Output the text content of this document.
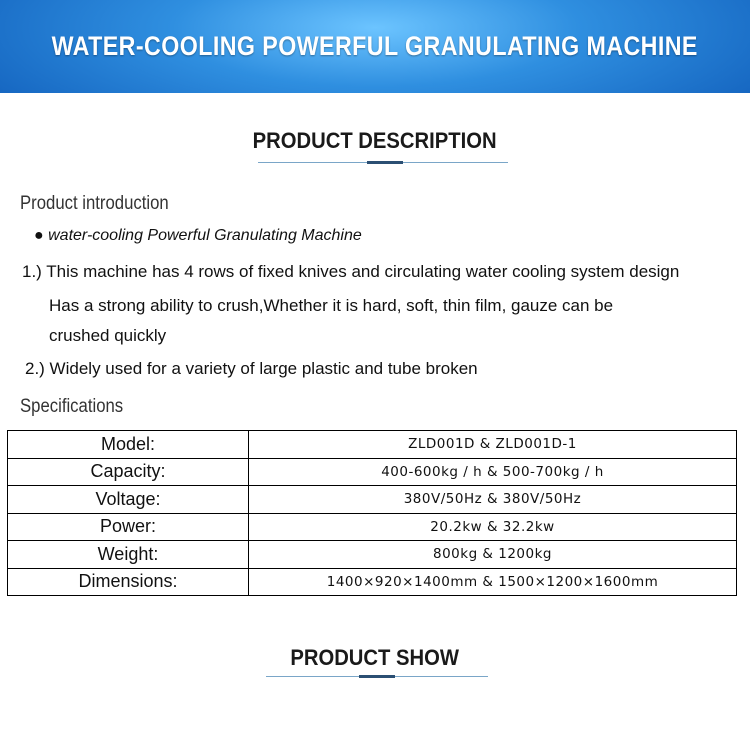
WATER-COOLING POWERFUL GRANULATING MACHINE
PRODUCT DESCRIPTION
Product introduction
● water-cooling Powerful Granulating Machine
1.) This machine has 4 rows of fixed knives and circulating water cooling system design
Has a strong ability to crush,Whether it is hard, soft, thin film, gauze can be
crushed quickly
2.) Widely used for a variety of large plastic and tube broken
Specifications
Model:	ZLD001D & ZLD001D-1
Capacity:	400-600kg / h & 500-700kg / h
Voltage:	380V/50Hz & 380V/50Hz
Power:	20.2kw & 32.2kw
Weight:	800kg & 1200kg
Dimensions:	1400×920×1400mm & 1500×1200×1600mm
PRODUCT SHOW
